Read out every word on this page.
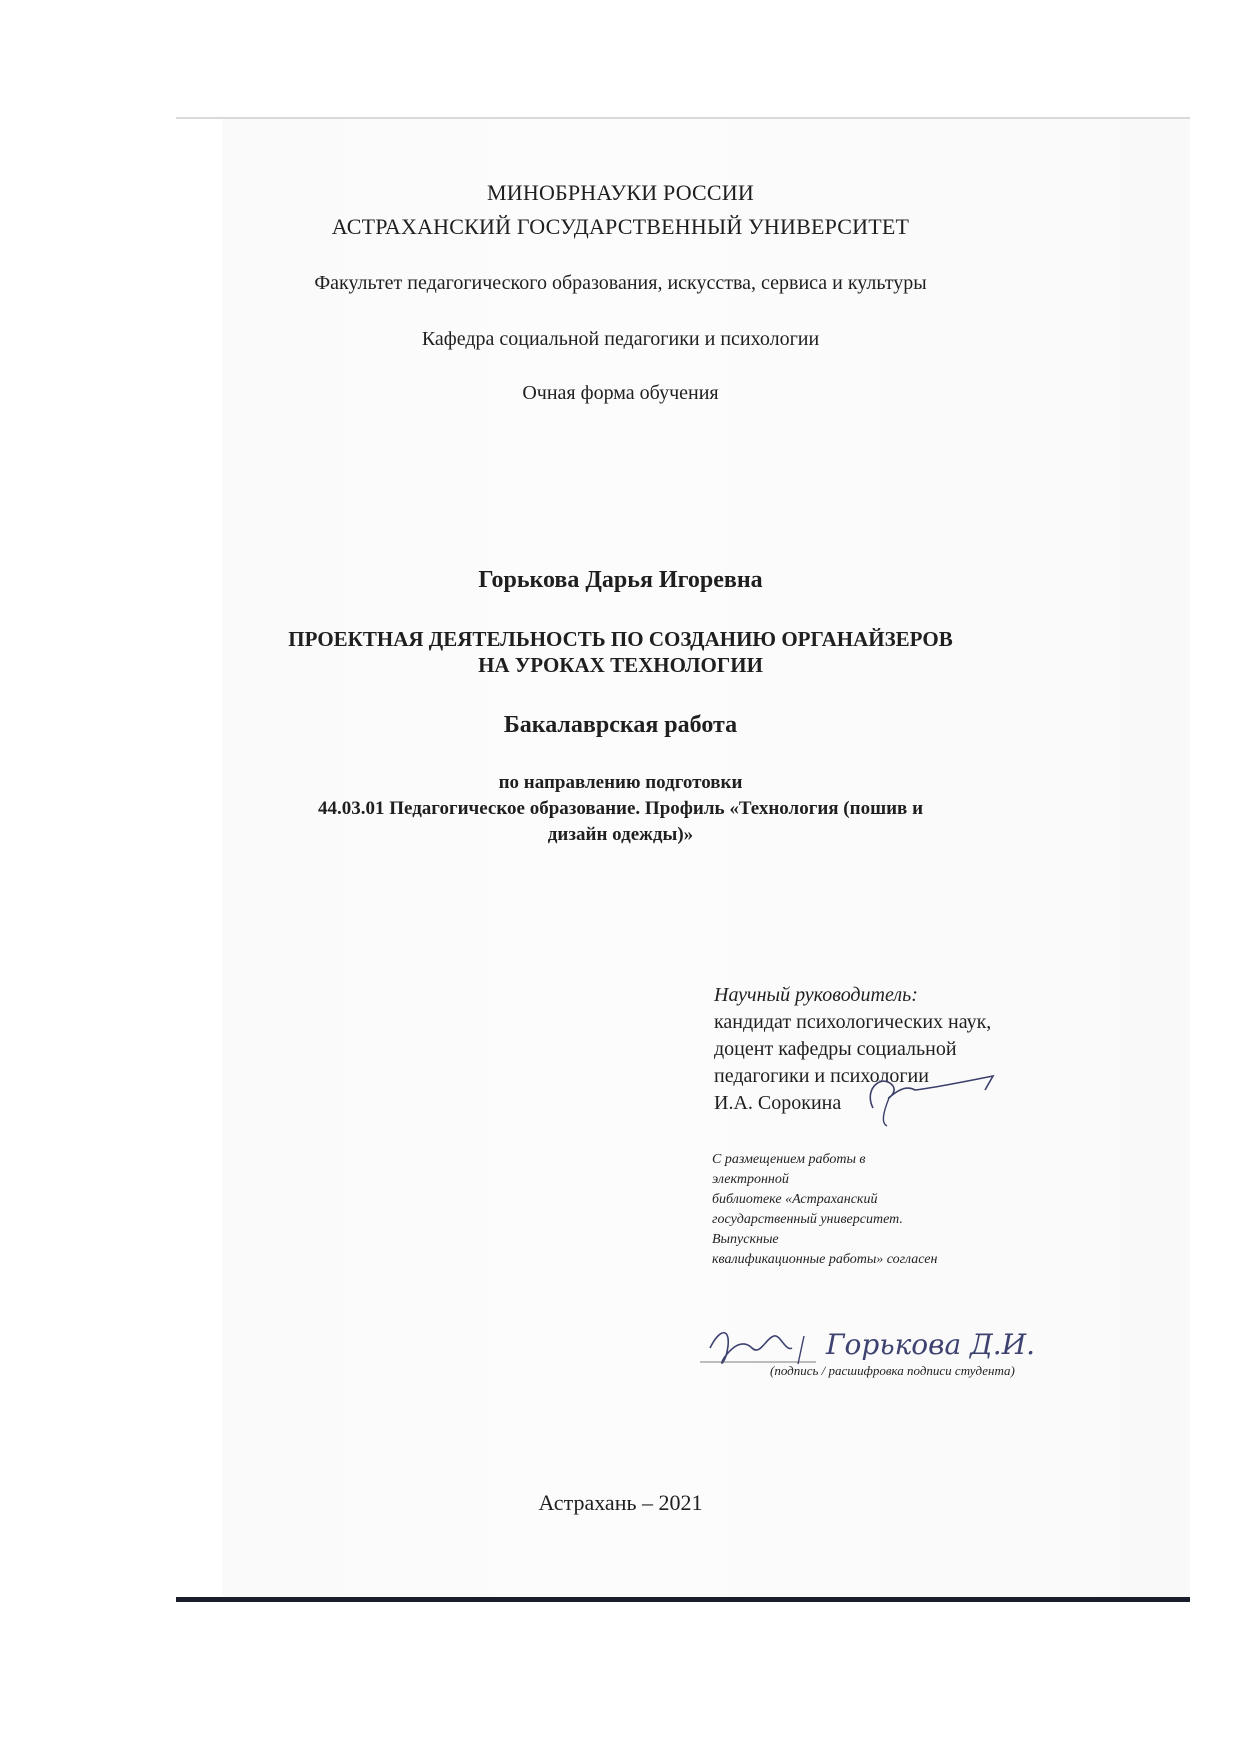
МИНОБРНАУКИ РОССИИ
АСТРАХАНСКИЙ ГОСУДАРСТВЕННЫЙ УНИВЕРСИТЕТ
Факультет педагогического образования, искусства, сервиса и культуры
Кафедра социальной педагогики и психологии
Очная форма обучения
Горькова Дарья Игоревна
ПРОЕКТНАЯ ДЕЯТЕЛЬНОСТЬ ПО СОЗДАНИЮ ОРГАНАЙЗЕРОВ
НА УРОКАХ ТЕХНОЛОГИИ
Бакалаврская работа
по направлению подготовки
44.03.01 Педагогическое образование. Профиль «Технология (пошив и
дизайн одежды)»
Научный руководитель:
кандидат психологических наук,
доцент кафедры социальной
педагогики и психологии
И.А. Сорокина
С размещением работы в
электронной
библиотеке «Астраханский
государственный университет.
Выпускные
квалификационные работы» согласен
Горькова Д.И.
(подпись / расшифровка подписи студента)
Астрахань – 2021
